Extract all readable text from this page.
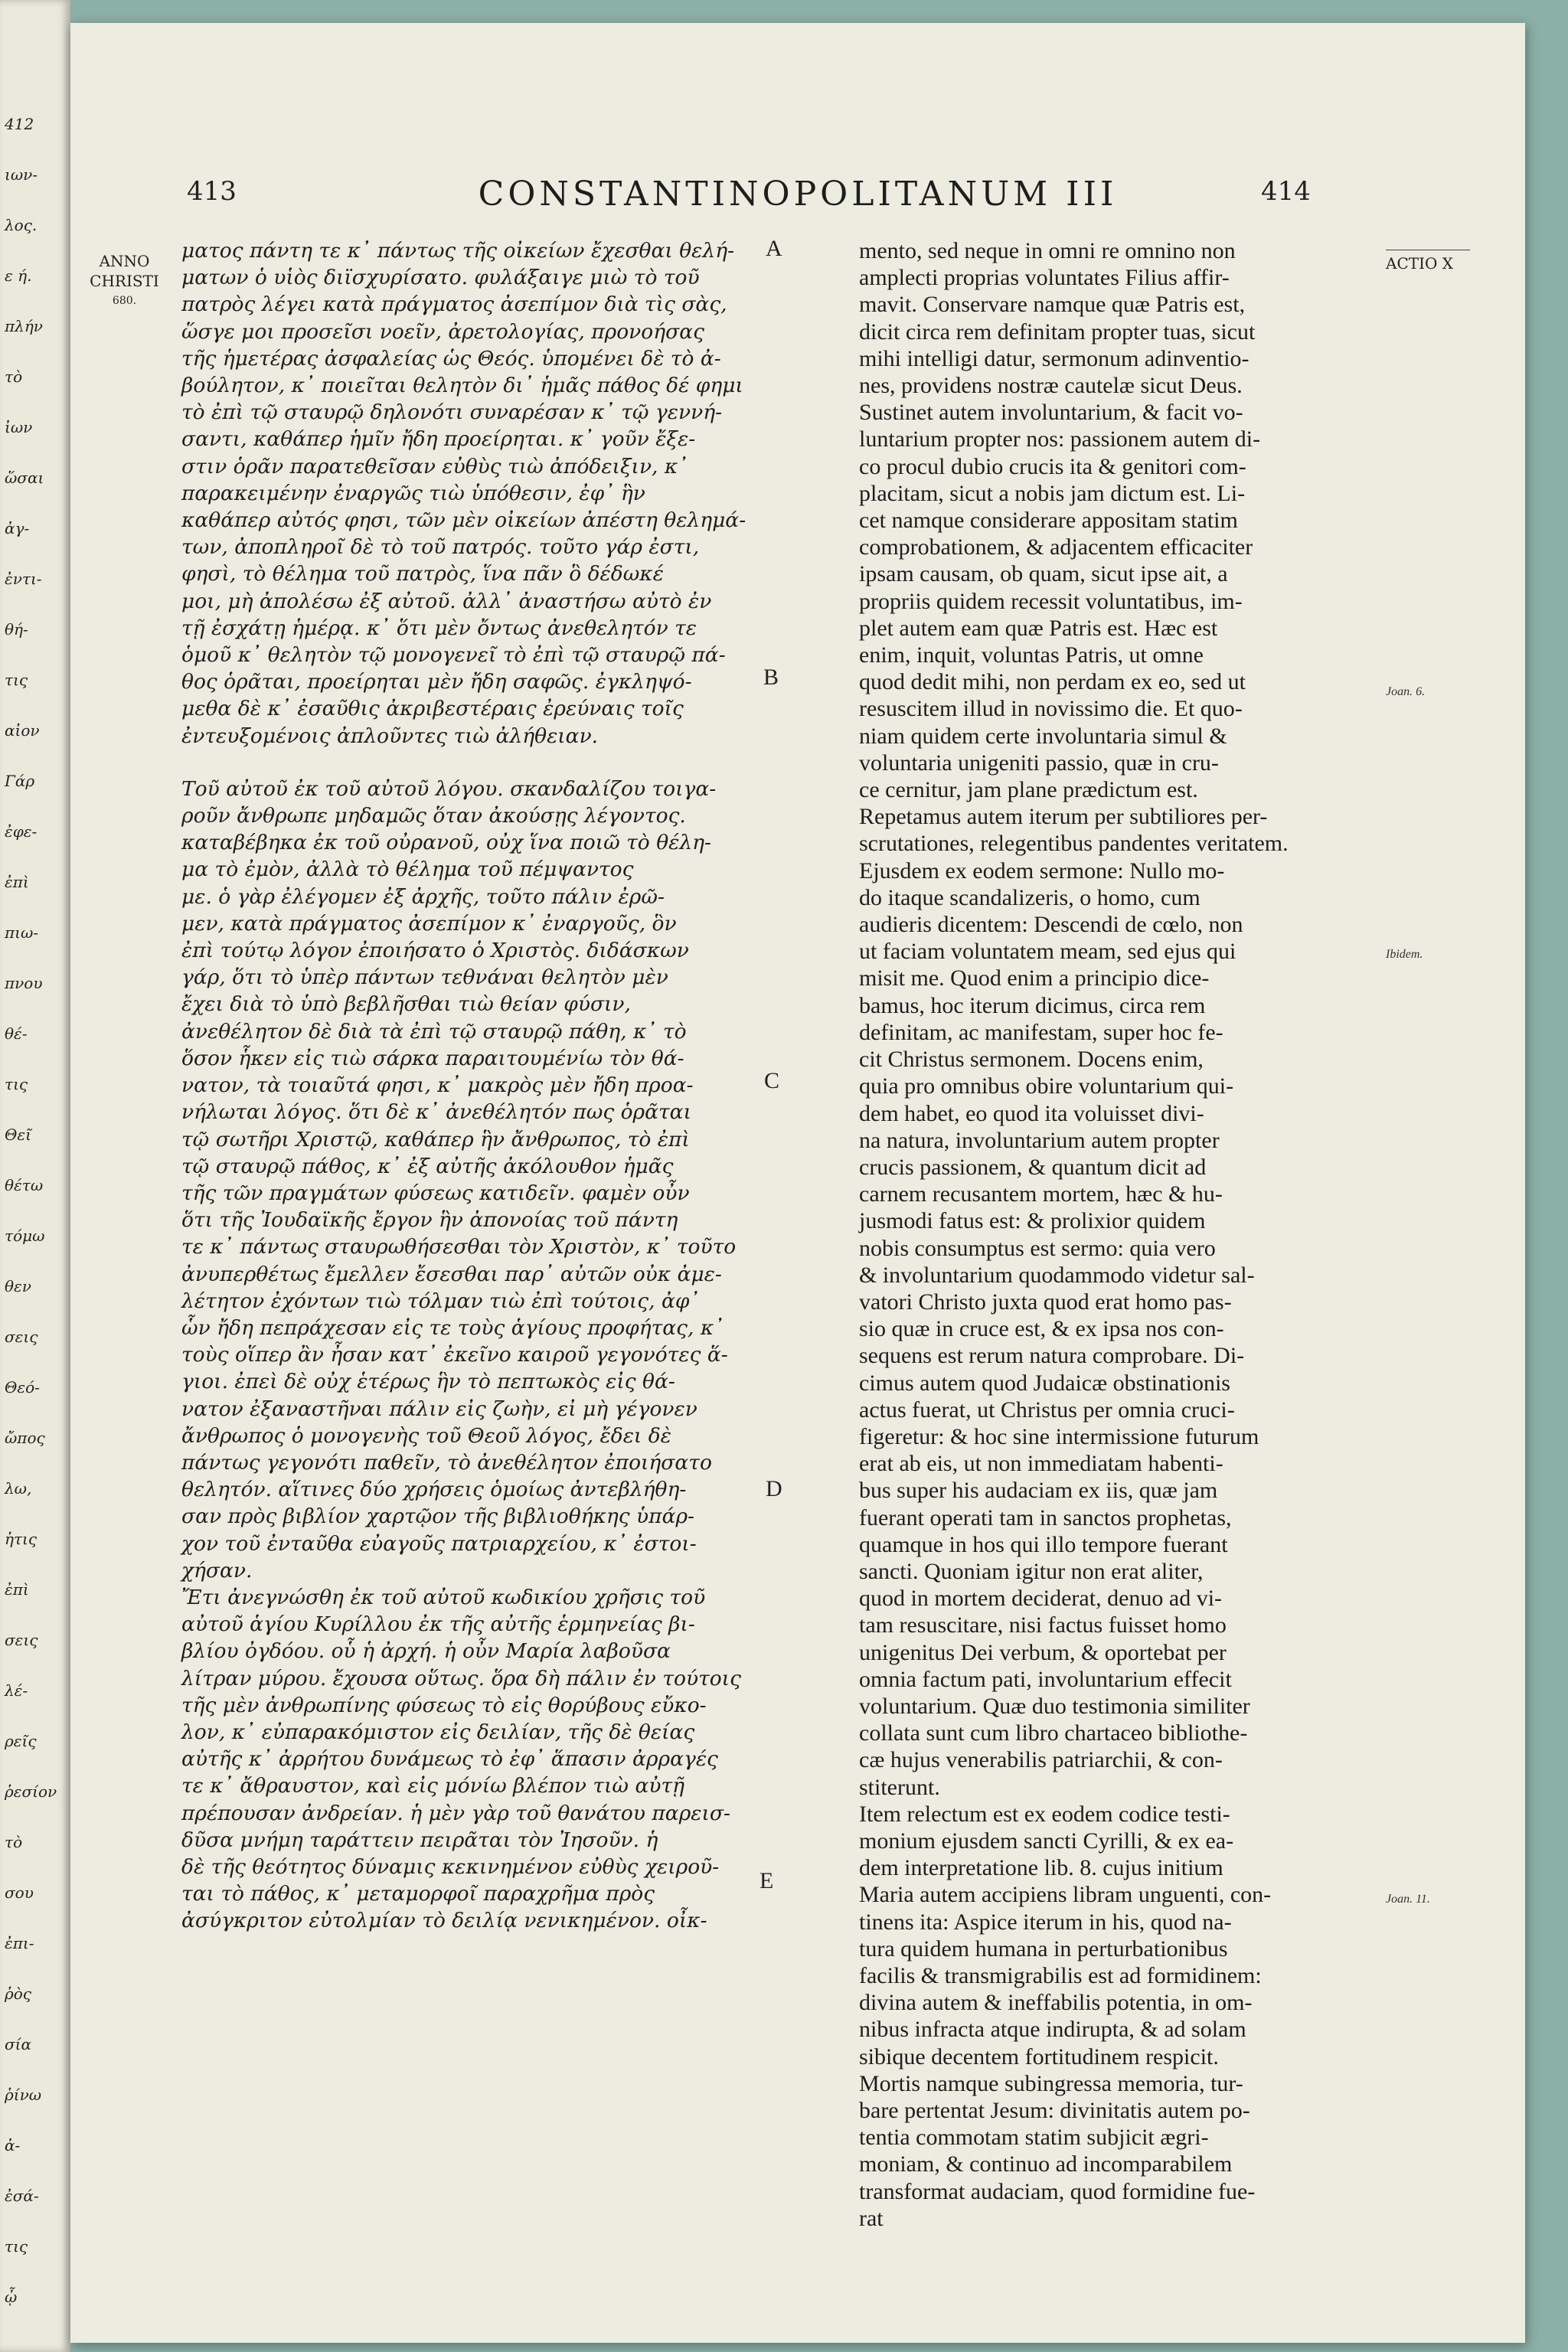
412
ιων-
λος.
ε ή.
πλήν
τὸ
ἰων
ὥσαι
ἀγ-
ἐντι-
θή-
τις
αἰον
Γάρ
ἐφε-
ἐπὶ
πιω-
πνου
θέ-
τις
Θεῖ
θέτω
τόμω
θεν
σεις
Θεό-
ὤπος
λω,
ἡτις
ἐπὶ
σεις
λέ-
ρεῖς
ῥεσίον
τὸ
σου
ἐπι-
ῥὸς
σία
ῥίνω
ἀ-
ἐσά-
τις
ᾧ
413	CONSTANTINOPOLITANUM III	414
ANNO
CHRISTI
680.

ματος πάντη τε κ᾽ πάντως τῆς οἰκείων ἔχεσθαι θελή-

ματων ὁ υἱὸς διϊσχυρίσατο. φυλάξαιγε μιὼ τὸ τοῦ

πατρὸς λέγει κατὰ πράγματος ἀσεπίμον διὰ τὶς σὰς,

ὥσγε μοι προσεῖσι νοεῖν, ἀρετολογίας, προνοήσας

τῆς ἡμετέρας ἀσφαλείας ὡς Θεός. ὑπομένει δὲ τὸ ἀ-

βούλητον, κ᾽ ποιεῖται θελητὸν δι᾽ ἡμᾶς πάθος δέ φημι

τὸ ἐπὶ τῷ σταυρῷ δηλονότι συναρέσαν κ᾽ τῷ γεννή-

σαντι, καθάπερ ἡμῖν ἤδη προείρηται. κ᾽ γοῦν ἔξε-

στιν ὁρᾶν παρατεθεῖσαν εὐθὺς τιὼ ἀπόδειξιν, κ᾽

παρακειμένην ἐναργῶς τιὼ ὑπόθεσιν, ἐφ᾽ ἣν

καθάπερ αὐτός φησι, τῶν μὲν οἰκείων ἀπέστη θελημά-

των, ἀποπληροῖ δὲ τὸ τοῦ πατρός. τοῦτο γάρ ἐστι,

φησὶ, τὸ θέλημα τοῦ πατρὸς, ἵνα πᾶν ὃ δέδωκέ

μοι, μὴ ἀπολέσω ἐξ αὐτοῦ. ἀλλ᾽ ἀναστήσω αὐτὸ ἐν

τῇ ἐσχάτῃ ἡμέρᾳ. κ᾽ ὅτι μὲν ὄντως ἀνεθελητόν τε

ὁμοῦ κ᾽ θελητὸν τῷ μονογενεῖ τὸ ἐπὶ τῷ σταυρῷ πά-

θος ὁρᾶται, προείρηται μὲν ἤδη σαφῶς. ἐγκληψό-

μεθα δὲ κ᾽ ἐσαῦθις ἀκριβεστέραις ἐρεύναις τοῖς

ἐντευξομένοις ἀπλοῦντες τιὼ ἀλήθειαν.

Τοῦ αὐτοῦ ἐκ τοῦ αὐτοῦ λόγου. σκανδαλίζου τοιγα-

ροῦν ἄνθρωπε μηδαμῶς ὅταν ἀκούσῃς λέγοντος.

καταβέβηκα ἐκ τοῦ οὐρανοῦ, οὐχ ἵνα ποιῶ τὸ θέλη-

μα τὸ ἐμὸν, ἀλλὰ τὸ θέλημα τοῦ πέμψαντος

με. ὁ γὰρ ἐλέγομεν ἐξ ἀρχῆς, τοῦτο πάλιν ἐρῶ-

μεν, κατὰ πράγματος ἀσεπίμον κ᾽ ἐναργοῦς, ὃν

ἐπὶ τούτῳ λόγον ἐποιήσατο ὁ Χριστὸς. διδάσκων

γάρ, ὅτι τὸ ὑπὲρ πάντων τεθνάναι θελητὸν μὲν

ἔχει διὰ τὸ ὑπὸ βεβλῆσθαι τιὼ θείαν φύσιν,

ἀνεθέλητον δὲ διὰ τὰ ἐπὶ τῷ σταυρῷ πάθη, κ᾽ τὸ

ὅσον ἧκεν εἰς τιὼ σάρκα παραιτουμένίω τὸν θά-

νατον, τὰ τοιαῦτά φησι, κ᾽ μακρὸς μὲν ἤδη προα-

νήλωται λόγος. ὅτι δὲ κ᾽ ἀνεθέλητόν πως ὁρᾶται

τῷ σωτῆρι Χριστῷ, καθάπερ ἣν ἄνθρωπος, τὸ ἐπὶ

τῷ σταυρῷ πάθος, κ᾽ ἐξ αὐτῆς ἀκόλουθον ἡμᾶς

τῆς τῶν πραγμάτων φύσεως κατιδεῖν. φαμὲν οὖν

ὅτι τῆς Ἰουδαϊκῆς ἔργον ἣν ἀπονοίας τοῦ πάντη

τε κ᾽ πάντως σταυρωθήσεσθαι τὸν Χριστὸν, κ᾽ τοῦτο

ἀνυπερθέτως ἔμελλεν ἔσεσθαι παρ᾽ αὐτῶν οὐκ ἀμε-

λέτητον ἐχόντων τιὼ τόλμαν τιὼ ἐπὶ τούτοις, ἀφ᾽

ὧν ἤδη πεπράχεσαν εἰς τε τοὺς ἁγίους προφήτας, κ᾽

τοὺς οἵπερ ἂν ἦσαν κατ᾽ ἐκεῖνο καιροῦ γεγονότες ἅ-

γιοι. ἐπεὶ δὲ οὐχ ἑτέρως ἣν τὸ πεπτωκὸς εἰς θά-

νατον ἐξαναστῆναι πάλιν εἰς ζωὴν, εἰ μὴ γέγονεν

ἄνθρωπος ὁ μονογενὴς τοῦ Θεοῦ λόγος, ἔδει δὲ

πάντως γεγονότι παθεῖν, τὸ ἀνεθέλητον ἐποιήσατο

θελητόν. αἵτινες δύο χρήσεις ὁμοίως ἀντεβλήθη-

σαν πρὸς βιβλίον χαρτῷον τῆς βιβλιοθήκης ὑπάρ-

χον τοῦ ἐνταῦθα εὐαγοῦς πατριαρχείου, κ᾽ ἐστοι-

χήσαν.

Ἔτι ἀνεγνώσθη ἐκ τοῦ αὐτοῦ κωδικίου χρῆσις τοῦ

αὐτοῦ ἁγίου Κυρίλλου ἐκ τῆς αὐτῆς ἑρμηνείας βι-

βλίου ὀγδόου. οὗ ἡ ἀρχή. ἡ οὖν Μαρία λαβοῦσα

λίτραν μύρου. ἔχουσα οὕτως. ὅρα δὴ πάλιν ἐν τούτοις

τῆς μὲν ἀνθρωπίνης φύσεως τὸ εἰς θορύβους εὔκο-

λον, κ᾽ εὐπαρακόμιστον εἰς δειλίαν, τῆς δὲ θείας

αὐτῆς κ᾽ ἀρρήτου δυνάμεως τὸ ἐφ᾽ ἅπασιν ἀρραγές

τε κ᾽ ἄθραυστον, καὶ εἰς μόνίω βλέπον τιὼ αὐτῇ

πρέπουσαν ἀνδρείαν. ἡ μὲν γὰρ τοῦ θανάτου παρεισ-

δῦσα μνήμη ταράττειν πειρᾶται τὸν Ἰησοῦν. ἡ

δὲ τῆς θεότητος δύναμις κεκινημένον εὐθὺς χειροῦ-

ται τὸ πάθος, κ᾽ μεταμορφοῖ παραχρῆμα πρὸς

ἀσύγκριτον εὐτολμίαν τὸ δειλίᾳ νενικημένον. οἶκ-

mento, sed neque in omni re omnino non

amplecti proprias voluntates Filius affir-

mavit. Conservare namque quæ Patris est,

dicit circa rem definitam propter tuas, sicut

mihi intelligi datur, sermonum adinventio-

nes, providens nostræ cautelæ sicut Deus.

Sustinet autem involuntarium, & facit vo-

luntarium propter nos: passionem autem di-

co procul dubio crucis ita & genitori com-

placitam, sicut a nobis jam dictum est. Li-

cet namque considerare appositam statim

comprobationem, & adjacentem efficaciter

ipsam causam, ob quam, sicut ipse ait, a

propriis quidem recessit voluntatibus, im-

plet autem eam quæ Patris est. Hæc est

enim, inquit, voluntas Patris, ut omne

quod dedit mihi, non perdam ex eo, sed ut

resuscitem illud in novissimo die. Et quo-

niam quidem certe involuntaria simul &

voluntaria unigeniti passio, quæ in cru-

ce cernitur, jam plane prædictum est.

Repetamus autem iterum per subtiliores per-

scrutationes, relegentibus pandentes veritatem.

Ejusdem ex eodem sermone: Nullo mo-

do itaque scandalizeris, o homo, cum

audieris dicentem: Descendi de cœlo, non

ut faciam voluntatem meam, sed ejus qui

misit me. Quod enim a principio dice-

bamus, hoc iterum dicimus, circa rem

definitam, ac manifestam, super hoc fe-

cit Christus sermonem. Docens enim,

quia pro omnibus obire voluntarium qui-

dem habet, eo quod ita voluisset divi-

na natura, involuntarium autem propter

crucis passionem, & quantum dicit ad

carnem recusantem mortem, hæc & hu-

jusmodi fatus est: & prolixior quidem

nobis consumptus est sermo: quia vero

& involuntarium quodammodo videtur sal-

vatori Christo juxta quod erat homo pas-

sio quæ in cruce est, & ex ipsa nos con-

sequens est rerum natura comprobare. Di-

cimus autem quod Judaicæ obstinationis

actus fuerat, ut Christus per omnia cruci-

figeretur: & hoc sine intermissione futurum

erat ab eis, ut non immediatam habenti-

bus super his audaciam ex iis, quæ jam

fuerant operati tam in sanctos prophetas,

quamque in hos qui illo tempore fuerant

sancti. Quoniam igitur non erat aliter,

quod in mortem deciderat, denuo ad vi-

tam resuscitare, nisi factus fuisset homo

unigenitus Dei verbum, & oportebat per

omnia factum pati, involuntarium effecit

voluntarium. Quæ duo testimonia similiter

collata sunt cum libro chartaceo bibliothe-

cæ hujus venerabilis patriarchii, & con-

stiterunt.

Item relectum est ex eodem codice testi-

monium ejusdem sancti Cyrilli, & ex ea-

dem interpretatione lib. 8. cujus initium

Maria autem accipiens libram unguenti, con-

tinens ita: Aspice iterum in his, quod na-

tura quidem humana in perturbationibus

facilis & transmigrabilis est ad formidinem:

divina autem & ineffabilis potentia, in om-

nibus infracta atque indirupta, & ad solam

sibique decentem fortitudinem respicit.

Mortis namque subingressa memoria, tur-

bare pertentat Jesum: divinitatis autem po-

tentia commotam statim subjicit ægri-

moniam, & continuo ad incomparabilem

transformat audaciam, quod formidine fue-

rat

A
B
C
D
E
ACTIO X
Joan. 6.
Ibidem.
Joan. 11.
